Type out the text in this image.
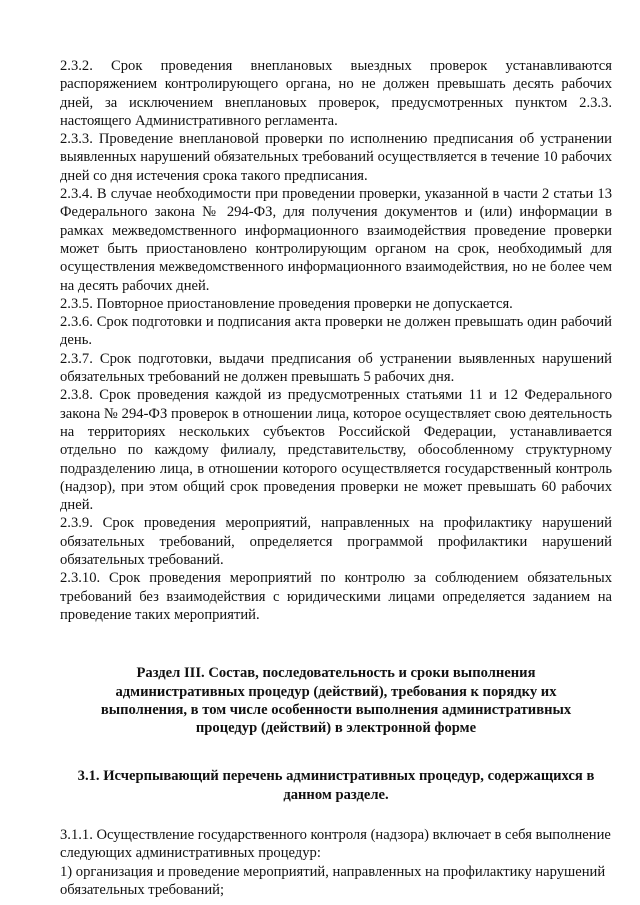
2.3.2. Срок проведения внеплановых выездных проверок устанавливаются распоряжением контролирующего органа, но не должен превышать десять рабочих дней, за исключением внеплановых проверок, предусмотренных пунктом 2.3.3. настоящего Административного регламента.

2.3.3. Проведение внеплановой проверки по исполнению предписания об устранении выявленных нарушений обязательных требований осуществляется в течение 10 рабочих дней со дня истечения срока такого предписания.

2.3.4. В случае необходимости при проведении проверки, указанной в части 2 статьи 13 Федерального закона № 294-ФЗ, для получения документов и (или) информации в рамках межведомственного информационного взаимодействия проведение проверки может быть приостановлено контролирующим органом на срок, необходимый для осуществления межведомственного информационного взаимодействия, но не более чем на десять рабочих дней.

2.3.5. Повторное приостановление проведения проверки не допускается.

2.3.6. Срок подготовки и подписания акта проверки не должен превышать один рабочий день.

2.3.7. Срок подготовки, выдачи предписания об устранении выявленных нарушений обязательных требований не должен превышать 5 рабочих дня.

2.3.8. Срок проведения каждой из предусмотренных статьями 11 и 12 Федерального закона № 294-ФЗ проверок в отношении лица, которое осуществляет свою деятельность на территориях нескольких субъектов Российской Федерации, устанавливается отдельно по каждому филиалу, представительству, обособленному структурному подразделению лица, в отношении которого осуществляется государственный контроль (надзор), при этом общий срок проведения проверки не может превышать 60 рабочих дней.

2.3.9. Срок проведения мероприятий, направленных на профилактику нарушений обязательных требований, определяется программой профилактики нарушений обязательных требований.

2.3.10. Срок проведения мероприятий по контролю за соблюдением обязательных требований без взаимодействия с юридическими лицами определяется заданием на проведение таких мероприятий.

Раздел III. Состав, последовательность и сроки выполнения административных процедур (действий), требования к порядку их выполнения, в том числе особенности выполнения административных процедур (действий) в электронной форме

3.1. Исчерпывающий перечень административных процедур, содержащихся в данном разделе.

3.1.1. Осуществление государственного контроля (надзора) включает в себя выполнение следующих административных процедур:

1) организация и проведение мероприятий, направленных на профилактику нарушений обязательных требований;
